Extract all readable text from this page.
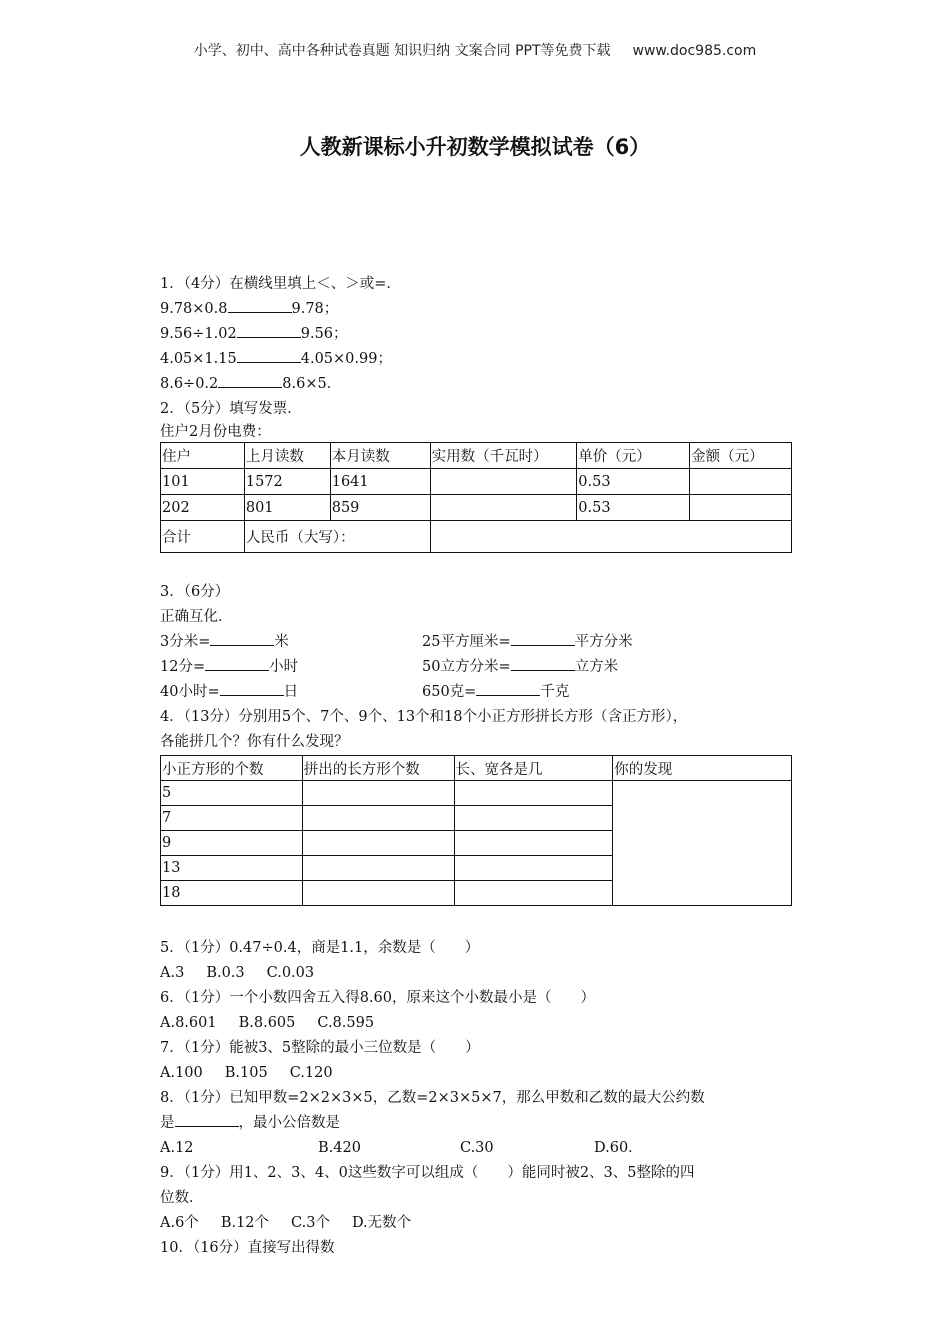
小学、初中、高中各种试卷真题 知识归纳 文案合同 PPT等免费下载 www.doc985.com
人教新课标小升初数学模拟试卷（6）
1．（4分）在横线里填上＜、＞或=．
9.78×0.8	9.78；
9.56÷1.02	9.56；
4.05×1.15	4.05×0.99；
8.6÷0.2	8.6×5．
2．（5分）填写发票．
住户2月份电费：
住户	上月读数	本月读数	实用数（千瓦时）	单价（元）	金额（元）
101	1572	1641		0.53	
202	801	859		0.53	
合计	人民币（大写）：				
3．（6分）
正确互化．
3分米=	米	25平方厘米=	平方分米
12分=	小时	50立方分米=	立方米
40小时=	日	650克=	千克
4．（13分）分别用5个、7个、9个、13个和18个小正方形拼长方形（含正方形），
各能拼几个？你有什么发现？
小正方形的个数	拼出的长方形个数	长、宽各是几	你的发现
5			
7			
9			
13			
18			
5．（1分）0.47÷0.4，商是1.1，余数是（　　）
A.3 B.0.3 C.0.03
6．（1分）一个小数四舍五入得8.60，原来这个小数最小是（　　）
A.8.601 B.8.605 C.8.595
7．（1分）能被3、5整除的最小三位数是（　　）
A.100 B.105 C.120
8．（1分）已知甲数=2×2×3×5，乙数=2×3×5×7，那么甲数和乙数的最大公约数
是	，最小公倍数是
A.12	B.420	C.30	D.60．
9．（1分）用1、2、3、4、0这些数字可以组成（　　）能同时被2、3、5整除的四
位数．
A.6个 B.12个 C.3个 D.无数个
10．（16分）直接写出得数
